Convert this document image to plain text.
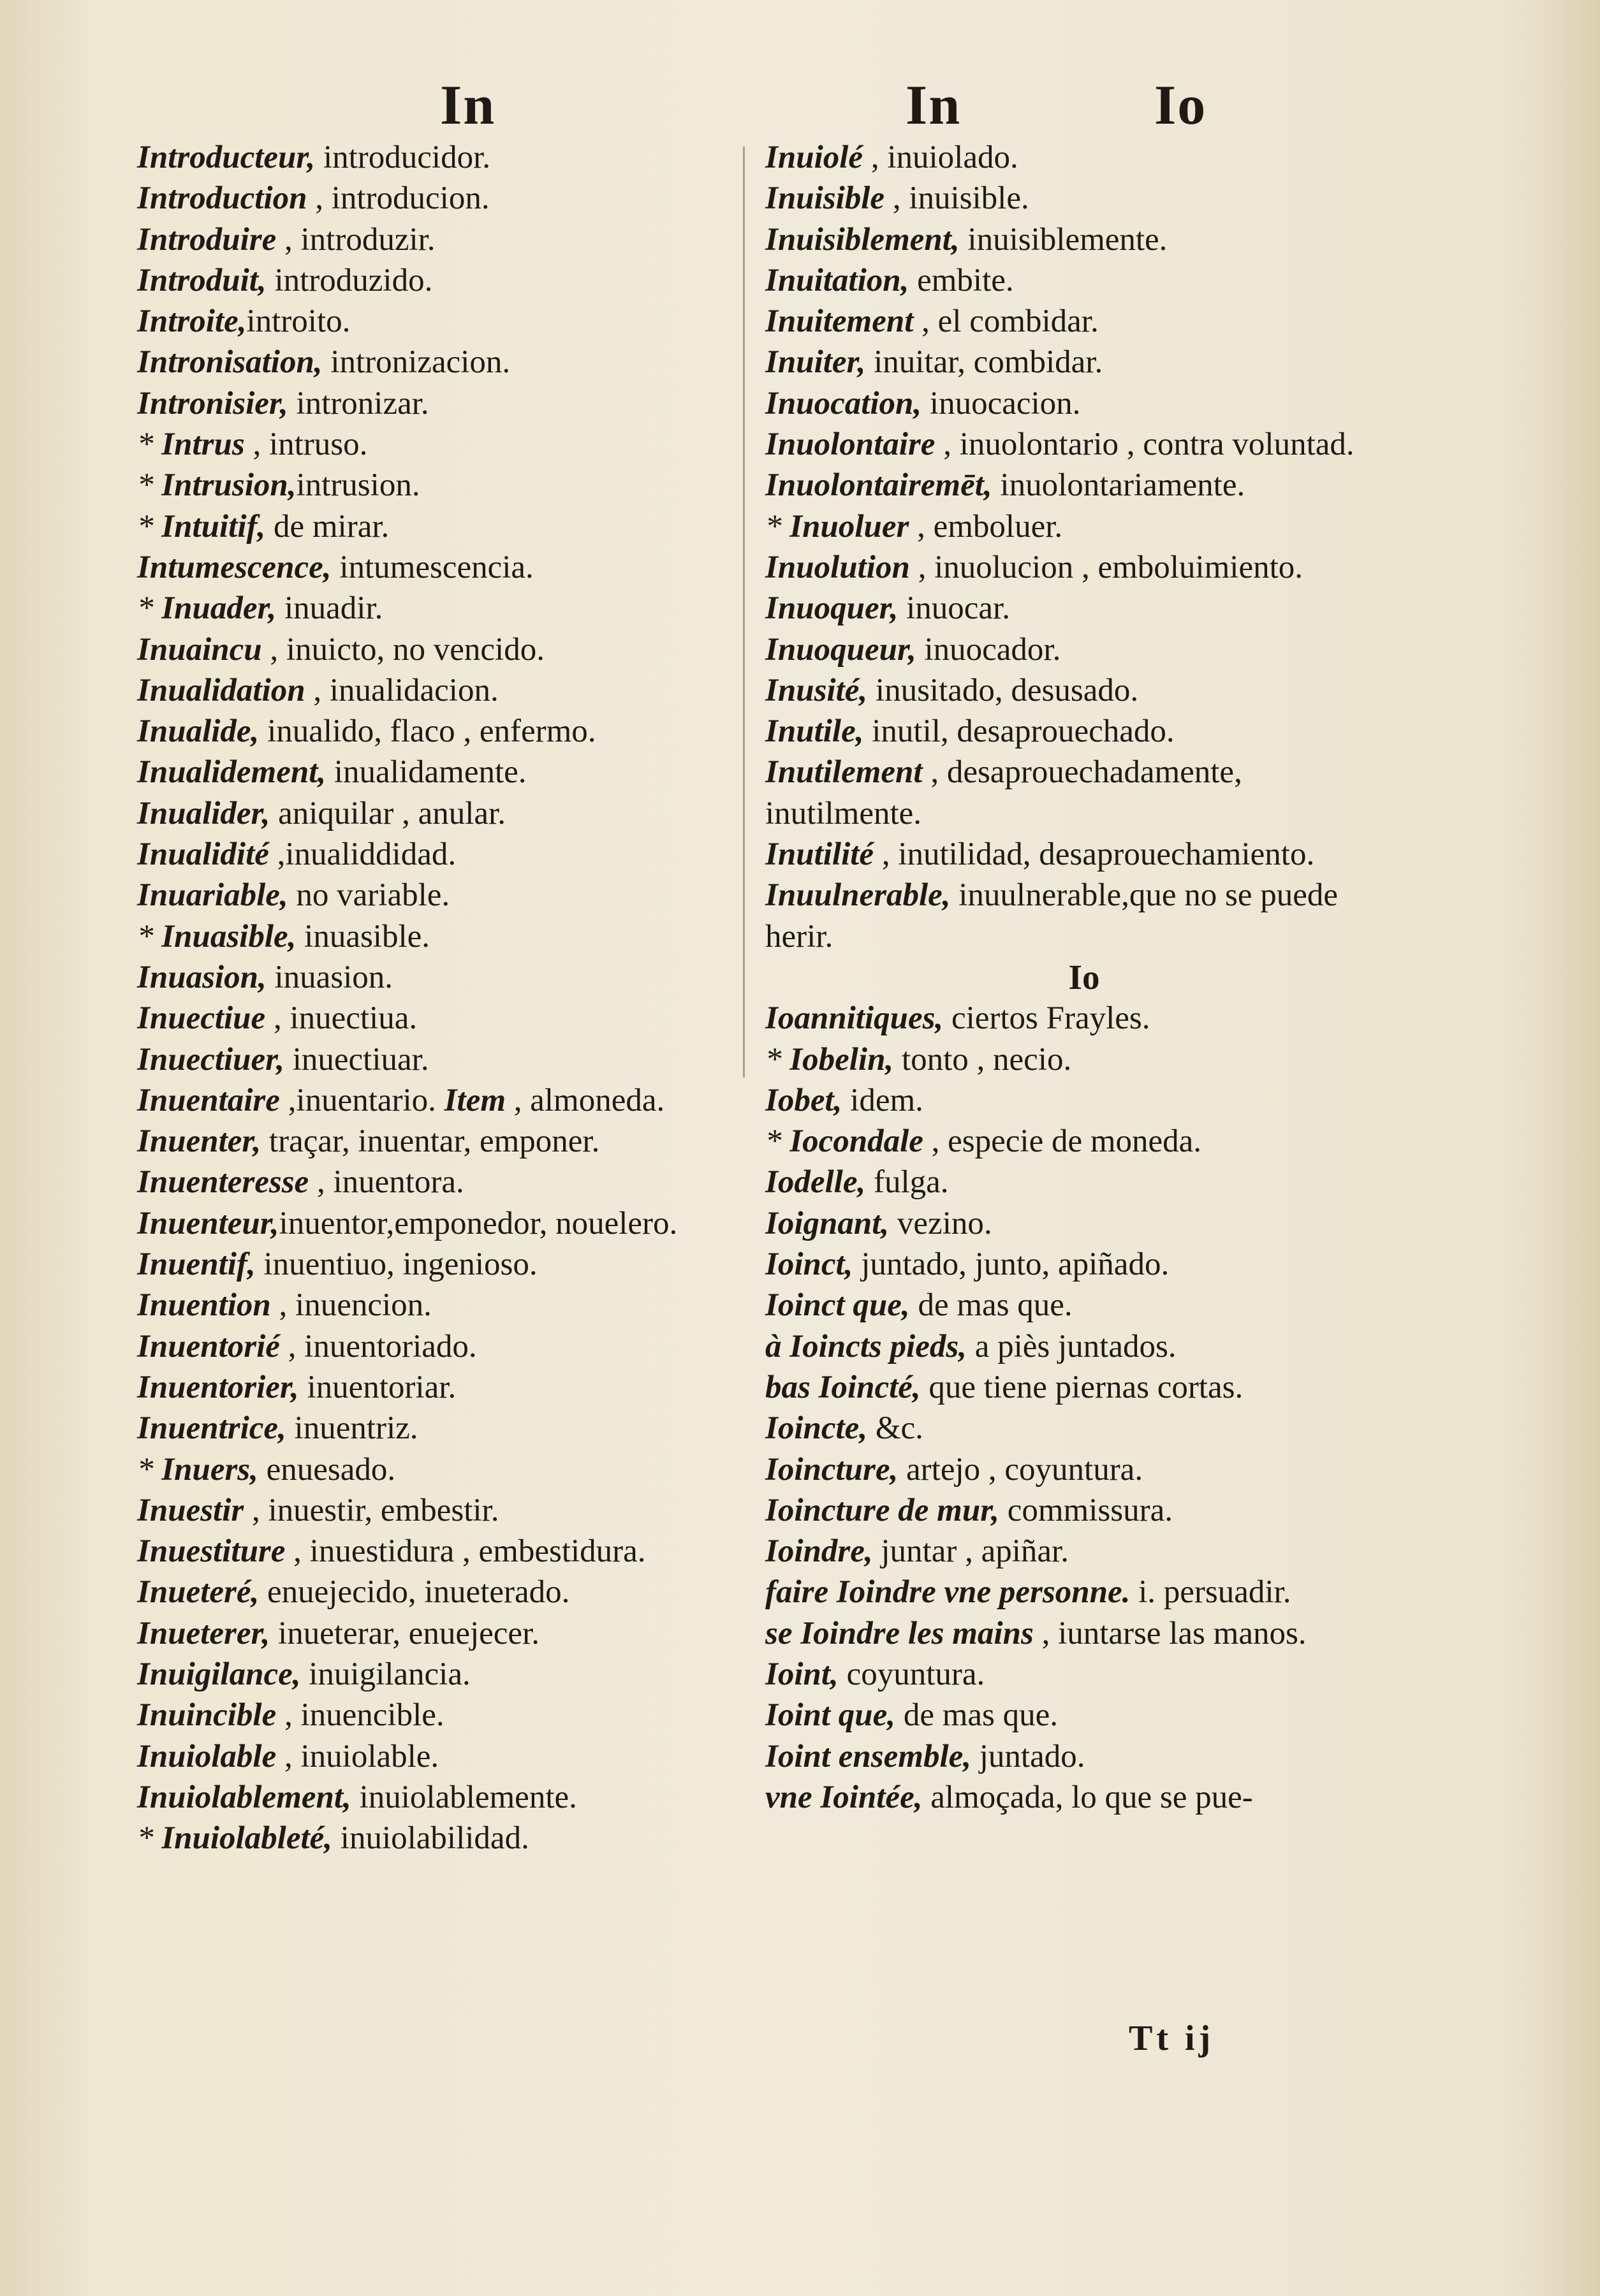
In	In	Io

Introducteur, introducidor.

Introduction , introducion.

Introduire , introduzir.

Introduit, introduzido.

Introite,introito.

Intronisation, intronizacion.

Intronisier, intronizar.

* Intrus , intruso.

* Intrusion,intrusion.

* Intuitif, de mirar.

Intumescence, intumescencia.

* Inuader, inuadir.

Inuaincu , inuicto, no vencido.

Inualidation , inualidacion.

Inualide, inualido, flaco , enfermo.

Inualidement, inualidamente.

Inualider, aniquilar , anular.

Inualidité ,inualiddidad.

Inuariable, no variable.

* Inuasible, inuasible.

Inuasion, inuasion.

Inuectiue , inuectiua.

Inuectiuer, inuectiuar.

Inuentaire ,inuentario. Item , almoneda.

Inuenter, traçar, inuentar, emponer.

Inuenteresse , inuentora.

Inuenteur,inuentor,emponedor, nouelero.

Inuentif, inuentiuo, ingenioso.

Inuention , inuencion.

Inuentorié , inuentoriado.

Inuentorier, inuentoriar.

Inuentrice, inuentriz.

* Inuers, enuesado.

Inuestir , inuestir, embestir.

Inuestiture , inuestidura , embestidura.

Inueteré, enuejecido, inueterado.

Inueterer, inueterar, enuejecer.

Inuigilance, inuigilancia.

Inuincible , inuencible.

Inuiolable , inuiolable.

Inuiolablement, inuiolablemente.

* Inuiolableté, inuiolabilidad.

Inuiolé , inuiolado.

Inuisible , inuisible.

Inuisiblement, inuisiblemente.

Inuitation, embite.

Inuitement , el combidar.

Inuiter, inuitar, combidar.

Inuocation, inuocacion.

Inuolontaire , inuolontario , contra voluntad.

Inuolontairemēt, inuolontariamente.

* Inuoluer , emboluer.

Inuolution , inuolucion , emboluimiento.

Inuoquer, inuocar.

Inuoqueur, inuocador.

Inusité, inusitado, desusado.

Inutile, inutil, desaprouechado.

Inutilement , desaprouechadamente, inutilmente.

Inutilité , inutilidad, desaprouechamiento.

Inuulnerable, inuulnerable,que no se puede herir.

Io

Ioannitiques, ciertos Frayles.

* Iobelin, tonto , necio.

Iobet, idem.

* Iocondale , especie de moneda.

Iodelle, fulga.

Ioignant, vezino.

Ioinct, juntado, junto, apiñado.

Ioinct que, de mas que.

à Ioincts pieds, a piès juntados.

bas Ioincté, que tiene piernas cortas.

Ioincte, &c.

Ioincture, artejo , coyuntura.

Ioincture de mur, commissura.

Ioindre, juntar , apiñar.

faire Ioindre vne personne. i. persuadir.

se Ioindre les mains , iuntarse las manos.

Ioint, coyuntura.

Ioint que, de mas que.

Ioint ensemble, juntado.

vne Iointée, almoçada, lo que se pue-

Tt ij
